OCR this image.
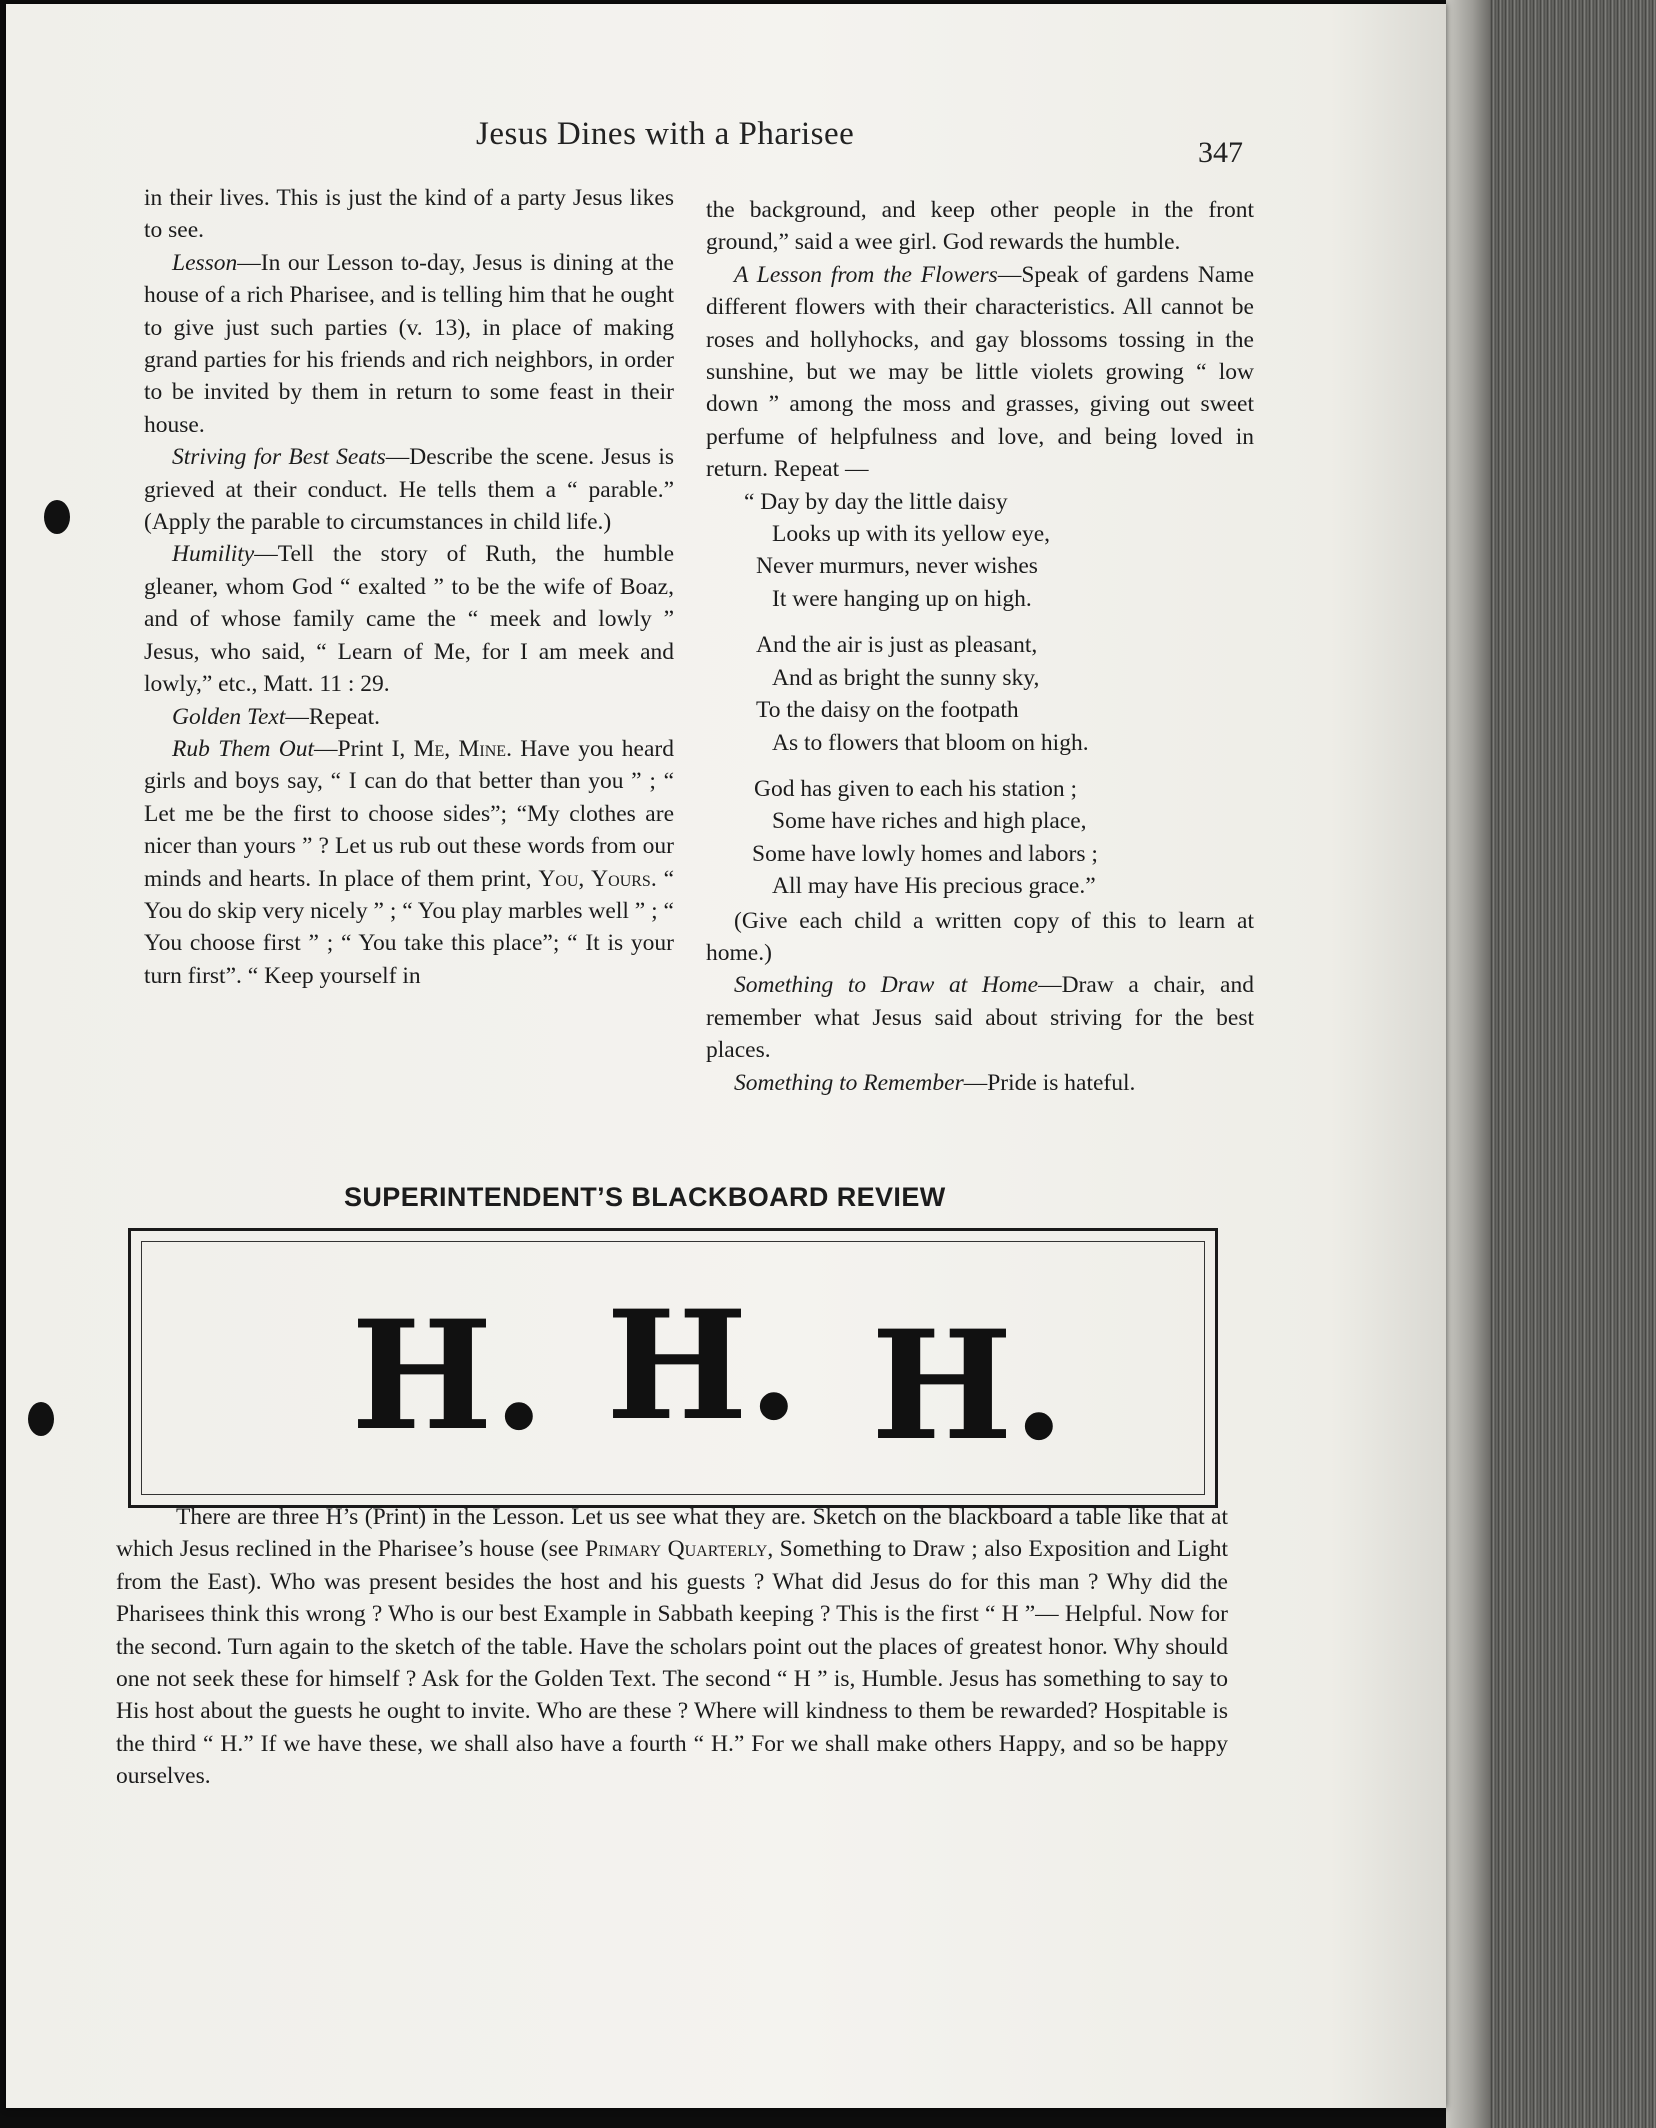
Jesus Dines with a Pharisee
347

in their lives. This is just the kind of a party Jesus likes to see.

Lesson—In our Lesson to-day, Jesus is dining at the house of a rich Pharisee, and is telling him that he ought to give just such parties (v. 13), in place of making grand parties for his friends and rich neighbors, in order to be invited by them in return to some feast in their house.

Striving for Best Seats—Describe the scene. Jesus is grieved at their conduct. He tells them a “ parable.” (Apply the parable to circumstances in child life.)

Humility—Tell the story of Ruth, the humble gleaner, whom God “ exalted ” to be the wife of Boaz, and of whose family came the “ meek and lowly ” Jesus, who said, “ Learn of Me, for I am meek and lowly,” etc., Matt. 11 : 29.

Golden Text—Repeat.

Rub Them Out—Print I, Me, Mine. Have you heard girls and boys say, “ I can do that better than you ” ; “ Let me be the first to choose sides”; “My clothes are nicer than yours ” ? Let us rub out these words from our minds and hearts. In place of them print, You, Yours. “ You do skip very nicely ” ; “ You play marbles well ” ; “ You choose first ” ; “ You take this place”; “ It is your turn first”. “ Keep yourself in

the background, and keep other people in the front ground,” said a wee girl. God rewards the humble.

A Lesson from the Flowers—Speak of gardens Name different flowers with their characteristics. All cannot be roses and hollyhocks, and gay blossoms tossing in the sunshine, but we may be little violets growing “ low down ” among the moss and grasses, giving out sweet perfume of helpfulness and love, and being loved in return. Repeat —

“ Day by day the little daisy
Looks up with its yellow eye,
Never murmurs, never wishes
It were hanging up on high.
And the air is just as pleasant,
And as bright the sunny sky,
To the daisy on the footpath
As to flowers that bloom on high.
God has given to each his station ;
Some have riches and high place,
Some have lowly homes and labors ;
All may have His precious grace.”

(Give each child a written copy of this to learn at home.)

Something to Draw at Home—Draw a chair, and remember what Jesus said about striving for the best places.

Something to Remember—Pride is hateful.

SUPERINTENDENT’S BLACKBOARD REVIEW
H. H. H.

There are three H’s (Print) in the Lesson. Let us see what they are. Sketch on the blackboard a table like that at which Jesus reclined in the Pharisee’s house (see Primary Quarterly, Something to Draw ; also Exposition and Light from the East). Who was present besides the host and his guests ? What did Jesus do for this man ? Why did the Pharisees think this wrong ? Who is our best Example in Sabbath keeping ? This is the first “ H ”— Helpful. Now for the second. Turn again to the sketch of the table. Have the scholars point out the places of greatest honor. Why should one not seek these for himself ? Ask for the Golden Text. The second “ H ” is, Humble. Jesus has something to say to His host about the guests he ought to invite. Who are these ? Where will kindness to them be rewarded? Hospitable is the third “ H.” If we have these, we shall also have a fourth “ H.” For we shall make others Happy, and so be happy ourselves.
